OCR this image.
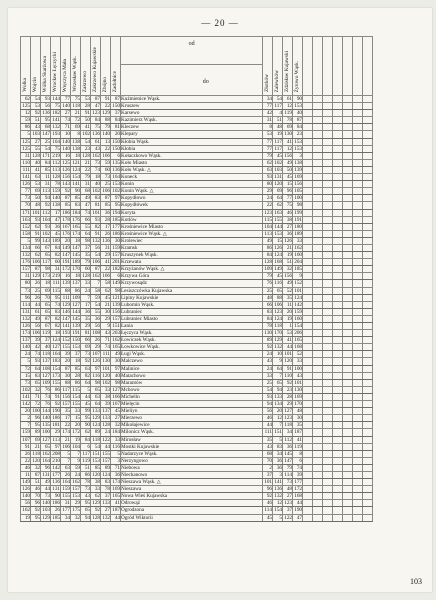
— 20 —
Wolka	Wojcin	Wólka Skarżowa	Wrocław Łęczycki	Wręczyca Mała	Wrzesław Wąsk.	Zakrzewo	Zakrzewo Kujawskie	Zbójno	Zadolnice	od
do	Złotków	Zalewków	Zdzisław Kujawski	Żyrowo Wąsk.							
62	54	93	144	77	75	53	87	91	87	Kuźmienice Wąsk.	34	54	61	90							
125	53	56	75	140	118	28	47	22	150	Kruszew	77	117	12	153							
12	92	136	182	27	21	91	123	129	37	Karsewo	42	4	119	40							
59	51	95	141	74	72	50	84	88	84	Kazimierz Wąsk.	31	51	78	87							
86	43	68	132	71	69	41	75	79	81	Kleczew	8	48	69	84							
5	103	147	193	10	8	102	136	140	20	Klepary	53	19	130	23							
125	27	25	104	140	138	54	61	13	150	Kłobia Wąsk.	77	117	41	153							
125	55	54	75	140	138	23	43	22	150	Kłobia	77	117	12	153							
31	128	171	219	16	18	128	162	166	6	Kołaczkowo Wąsk.	79	45	156	3							
110	40	84	112	125	121	21	73	59	135	Koło Miasto	62	102	49	138							
111	41	85	113	126	124	22	74	60	136	Koło Wąsk. △	63	103	50	139							
141	63	11	128	156	154	79	18	73	164	Koneck	93	131	45	169							
126	53	31	78	143	141	31	40	25	153	Konin	80	120	15	156							
77	69	113	159	92	90	68	102	106	102	Konin Wąsk. △	29	69	96	105							
73	50	94	140	87	85	49	83	87	97	Kopydłowo	24	64	77	100							
70	48	92	138	85	83	47	81	85	95	Kopydłówek	22	62	75	98							
171	101	112	17	186	184	74	101	36	194	Koryta	123	163	46	199							
163	93	104	47	178	176	66	93	28	185	Kotlów	115	155	38	191							
152	62	93	36	167	165	55	82	17	177	Krośniewice Miasto	104	144	27	180							
158	91	102	45	176	174	64	91	26	186	Krośniewice Wąsk. △	113	153	36	189							
5	99	143	189	20	18	98	132	136	30	Krolewiec	49	15	126	33							
134	66	67	84	149	147	37	56	31	159	Kramsk	86	126	21	162							
132	62	65	82	147	145	35	54	29	157	Kruszynek Wąsk.	84	124	19	160							
176	106	117	60	191	189	79	106	41	201	Krzewata	128	168	51	204							
157	87	98	31	172	170	60	87	22	182	Krzyżanów Wąsk. △	109	149	32	185							
31	129	173	219	16	18	128	162	166	6	Krzywa Góra	79	45	156	9							
80	26	18	111	139	137	33	7	58	149	Krzywosądz	76	116	49	152							
73	25	69	115	88	86	24	58	62	98	Lesiszczówka Kujawska	25	65	52	101							
96	26	70	95	111	109	7	59	45	121	Lipiny Kujawskie	48	88	35	124							
114	44	65	74	129	127	17	54	21	139	Lubomin Wąsk.	66	106	11	142							
131	61	65	83	146	144	36	55	30	156	Lubraniec	83	123	20	159							
132	49	87	82	147	145	35	36	29	157	Lubraniec Miasto	84	124	19	160							
126	56	67	82	141	139	29	56	9	151	Łania	78	118	1	154							
174	106	119	18	193	191	81	108	43	203	Łęczyca Wąsk.	130	170	53	206							
137	39	37	124	152	150	66	26	71	162	Łowiczek Wąsk.	89	129	41	165							
140	42	40	127	155	153	69	29	74	165	Łowkowice Wąsk.	92	132	44	168							
24	74	118	164	39	37	73	107	111	49	Ługi Wąsk.	24	10	101	52							
5	93	137	183	20	18	92	126	130	30	Malczewo	43	9	120	33							
72	64	108	154	87	85	63	97	101	97	Malinice	24	64	91	100							
15	83	127	173	30	28	82	116	120	40	Matachowo	33	7	110	43							
73	65	109	155	88	86	64	98	102	98	Marantów	25	65	92	101							
102	32	76	86	117	115	5	65	33	127	Mchowo	54	94	23	130							
141	71	74	91	156	154	44	63	38	166	Michelin	93	133	28	169							
142	72	76	92	157	155	45	64	39	167	Mielęcin	94	134	29	170							
20	100	144	190	35	33	99	133	137	45	Mieliyn	56	20	127	48							
2	96	140	186	17	15	95	129	133	27	Mierzewo	46	12	123	30							
7	95	135	181	22	20	90	124	128	32	Mikołajewice	44	7	118	35							
159	89	100	29	174	172	62	89	24	184	Milonicz Wąsk.	111	151	34	187							
107	69	127	113	21	19	84	118	122	33	Mirosław	35	5	112	41							
91	21	65	97	106	104	6	54	44	116	Mostki Kujawskie	43	83	36	119							
26	118	162	208	5	7	117	151	155	5	Nadarzyce Wąsk.	68	34	145	8							
22	120	164	210	7	9	119	153	157	3	Nerzyngowo	70	36	147	6							
46	32	96	142	63	59	51	85	89	71	Niebowa	2	36	79	74							
11	87	131	177	26	24	86	120	124	36	Niechanowo	37	3	114	39							
149	51	49	136	164	162	78	38	83	174	Nieszawa Wąsk. △	101	141	73	177							
126	46	44	131	159	157	73	33	78	169	Nieszawa	96	136	48	172							
140	70	73	90	155	153	43	62	37	165	Nowa Wieś Kujawska	92	132	27	168							
56	96	140	186	31	29	95	129	133	41	Odrowąż	46	12	123	44							
162	92	103	26	177	175	65	92	27	187	Ogrodzona	114	154	37	190							
19	95	129	185	34	32	94	128	132	44	Ogród Wiktorii	45	5	122	47							
103
